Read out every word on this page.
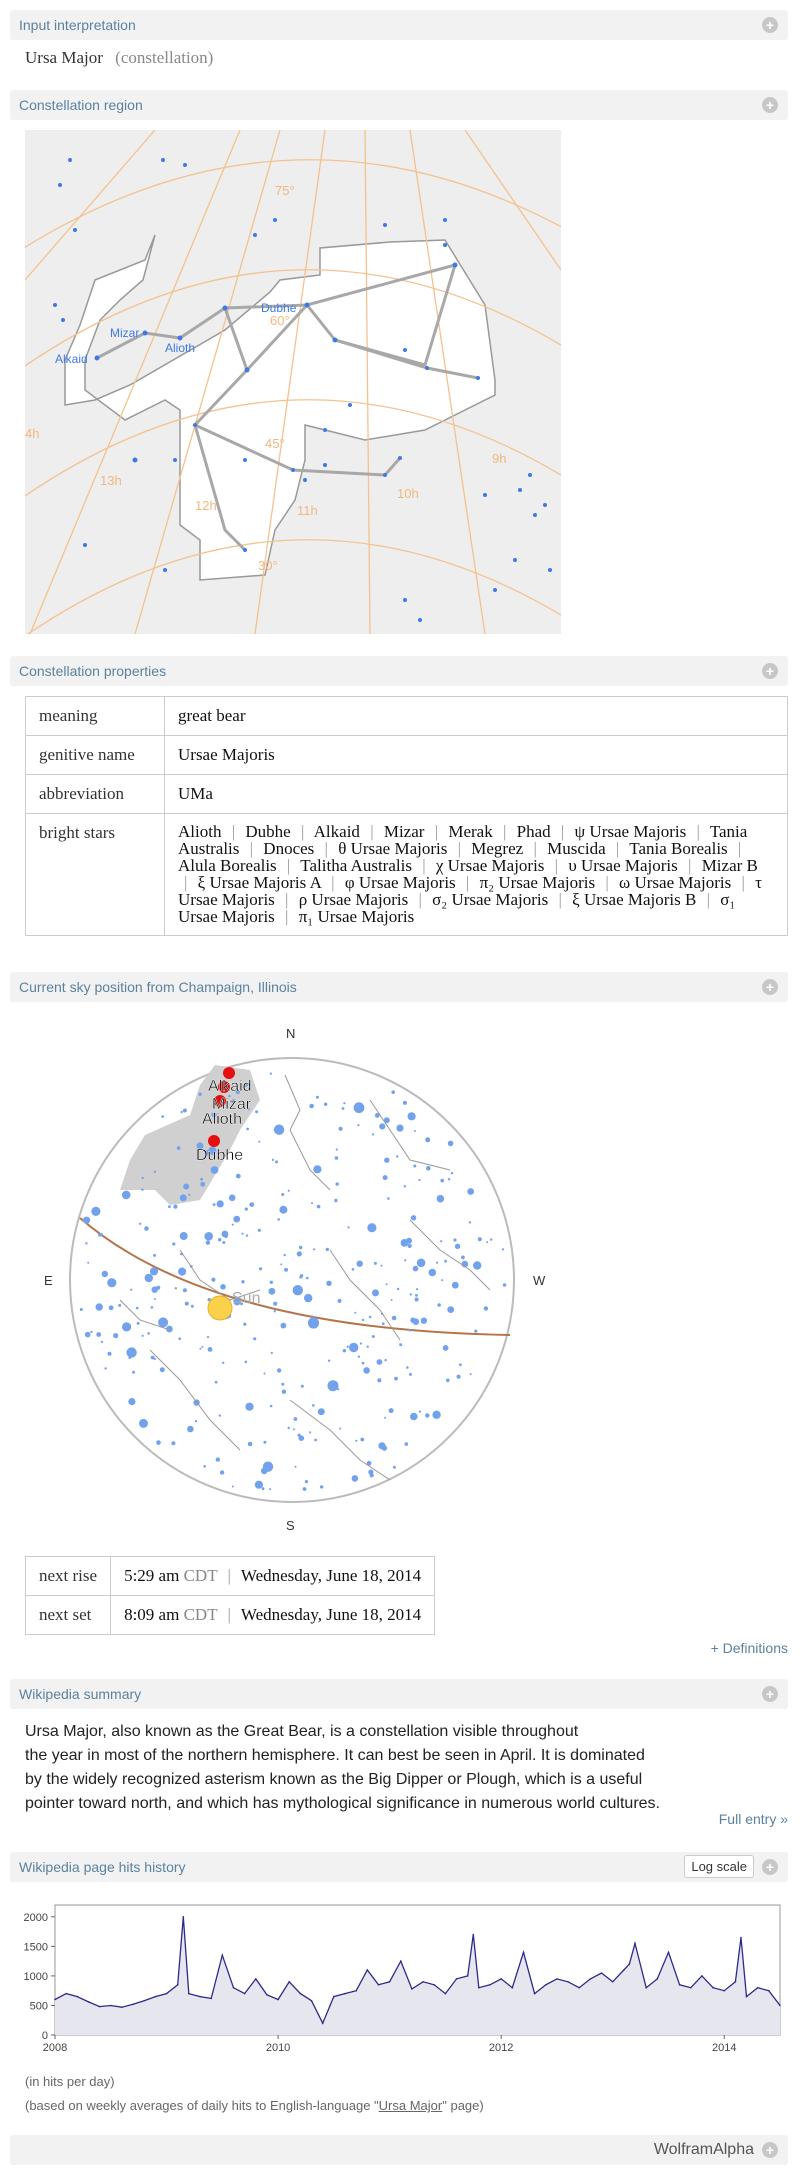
Input interpretation	+
Ursa Major (constellation)
Constellation region	+
Mizar
Alioth
Alkaid
Dubhe
75°
60°
45°
30°
4h
13h
12h	11h
10h
9h
Constellation properties	+
meaning	great bear
genitive name	Ursae Majoris
abbreviation	UMa
bright stars	Alioth | Dubhe | Alkaid | Mizar | Merak | Phad | ψ Ursae Majoris | Tania Australis | Dnoces | θ Ursae Majoris | Megrez | Muscida | Tania Borealis | Alula Borealis | Talitha Australis | χ Ursae Majoris | υ Ursae Majoris | Mizar B | ξ Ursae Majoris A | φ Ursae Majoris | π₂ Ursae Majoris | ω Ursae Majoris | τ Ursae Majoris | ρ Ursae Majoris | σ₂ Ursae Majoris | ξ Ursae Majoris B | σ₁ Ursae Majoris | π₁ Ursae Majoris
Current sky position from Champaign, Illinois	+
Alkaid
Mizar
Alioth
Dubhe
Sun
N
S
E	W
next rise	5:29 am CDT | Wednesday, June 18, 2014
next set	8:09 am CDT | Wednesday, June 18, 2014
+ Definitions
Wikipedia summary	+
Ursa Major, also known as the Great Bear, is a constellation visible throughout
the year in most of the northern hemisphere. It can best be seen in April. It is dominated
by the widely recognized asterism known as the Big Dipper or Plough, which is a useful
pointer toward north, and which has mythological significance in numerous world cultures.
Full entry »
Wikipedia page hits history	Log scale	+
0
500
1000
1500
2000
2008	2010	2012	2014
(in hits per day)
(based on weekly averages of daily hits to English-language "Ursa Major" page)
WolframAlpha +
